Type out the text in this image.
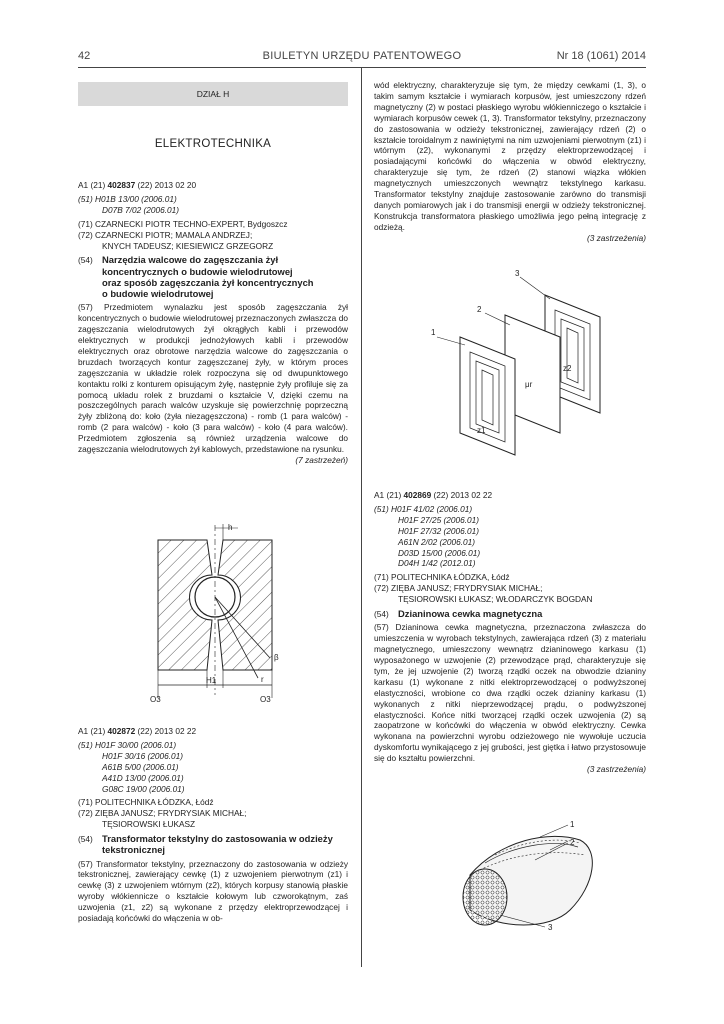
42	BIULETYN URZĘDU PATENTOWEGO	Nr 18 (1061) 2014
DZIAŁ H
ELEKTROTECHNIKA
A1 (21) 402837 (22) 2013 02 20
(51) H01B 13/00 (2006.01)
D07B 7/02 (2006.01)
(71) CZARNECKI PIOTR TECHNO-EXPERT, Bydgoszcz
(72) CZARNECKI PIOTR; MAMALA ANDRZEJ;
KNYCH TADEUSZ; KIESIEWICZ GRZEGORZ
(54) Narzędzia walcowe do zagęszczania żył
koncentrycznych o budowie wielodrutowej
oraz sposób zagęszczania żył koncentrycznych
o budowie wielodrutowej
(57) Przedmiotem wynalazku jest sposób zagęszczania żył koncentrycznych o budowie wielodrutowej przeznaczonych zwłaszcza do zagęszczania wielodrutowych żył okrągłych kabli i przewodów elektrycznych w produkcji jednożyłowych kabli i przewodów elektrycznych oraz obrotowe narzędzia walcowe do zagęszczania o bruzdach tworzących kontur zagęszczanej żyły, w którym proces zagęszczania w układzie rolek rozpoczyna się od dwupunktowego kontaktu rolki z konturem opisującym żyłę, następnie żyły profiluje się za pomocą układu rolek z bruzdami o kształcie V, dzięki czemu na poszczególnych parach walców uzyskuje się powierzchnię poprzeczną żyły zbliżoną do: koło (żyła niezagęszczona) - romb (1 para walców) - romb (2 para walców) - koło (3 para walców) - koło (4 para walców). Przedmiotem zgłoszenia są również urządzenia walcowe do zagęszczania wielodrutowych żył kablowych, przedstawione na rysunku.
(7 zastrzeżeń)
h
H1
O3	O3
β
r
A1 (21) 402872 (22) 2013 02 22
(51) H01F 30/00 (2006.01)
H01F 30/16 (2006.01)
A61B 5/00 (2006.01)
A41D 13/00 (2006.01)
G08C 19/00 (2006.01)
(71) POLITECHNIKA ŁÓDZKA, Łódź
(72) ZIĘBA JANUSZ; FRYDRYSIAK MICHAŁ;
TĘSIOROWSKI ŁUKASZ
(54) Transformator tekstylny do zastosowania w odzieży
tekstronicznej
(57) Transformator tekstylny, przeznaczony do zastosowania w odzieży tekstronicznej, zawierający cewkę (1) z uzwojeniem pierwotnym (z1) i cewkę (3) z uzwojeniem wtórnym (z2), których korpusy stanowią płaskie wyroby włókiennicze o kształcie kołowym lub czworokątnym, zaś uzwojenia (z1, z2) są wykonane z przędzy elektroprzewodzącej i posiadają końcówki do włączenia w ob-
wód elektryczny, charakteryzuje się tym, że między cewkami (1, 3), o takim samym kształcie i wymiarach korpusów, jest umieszczony rdzeń magnetyczny (2) w postaci płaskiego wyrobu włókienniczego o kształcie i wymiarach korpusów cewek (1, 3). Transformator tekstylny, przeznaczony do zastosowania w odzieży tekstronicznej, zawierający rdzeń (2) o kształcie toroidalnym z nawiniętymi na nim uzwojeniami pierwotnym (z1) i wtórnym (z2), wykonanymi z przędzy elektroprzewodzącej i posiadającymi końcówki do włączenia w obwód elektryczny, charakteryzuje się tym, że rdzeń (2) stanowi wiązka włókien magnetycznych umieszczonych wewnątrz tekstylnego karkasu. Transformator tekstylny znajduje zastosowanie zarówno do transmisji danych pomiarowych jak i do transmisji energii w odzieży tekstronicznej. Konstrukcja transformatora płaskiego umożliwia jego pełną integrację z odzieżą.
(3 zastrzeżenia)
1
2
3
z1
z2
μr
A1 (21) 402869 (22) 2013 02 22
(51) H01F 41/02 (2006.01)
H01F 27/25 (2006.01)
H01F 27/32 (2006.01)
A61N 2/02 (2006.01)
D03D 15/00 (2006.01)
D04H 1/42 (2012.01)
(71) POLITECHNIKA ŁÓDZKA, Łódź
(72) ZIĘBA JANUSZ; FRYDRYSIAK MICHAŁ;
TĘSIOROWSKI ŁUKASZ; WŁODARCZYK BOGDAN
(54) Dzianinowa cewka magnetyczna
(57) Dzianinowa cewka magnetyczna, przeznaczona zwłaszcza do umieszczenia w wyrobach tekstylnych, zawierająca rdzeń (3) z materiału magnetycznego, umieszczony wewnątrz dzianinowego karkasu (1) wyposażonego w uzwojenie (2) przewodzące prąd, charakteryzuje się tym, że jej uzwojenie (2) tworzą rządki oczek na obwodzie dzianiny karkasu (1) wykonane z nitki elektroprzewodzącej o podwyższonej elastyczności, wrobione co dwa rządki oczek dzianiny karkasu (1) wykonanych z nitki nieprzewodzącej prądu, o podwyższonej elastyczności. Końce nitki tworzącej rządki oczek uzwojenia (2) są zaopatrzone w końcówki do włączenia w obwód elektryczny. Cewka wykonana na powierzchni wyrobu odzieżowego nie wywołuje uczucia dyskomfortu wynikającego z jej grubości, jest giętka i łatwo przystosowuje się do kształtu powierzchni.
(3 zastrzeżenia)
1
2
3
